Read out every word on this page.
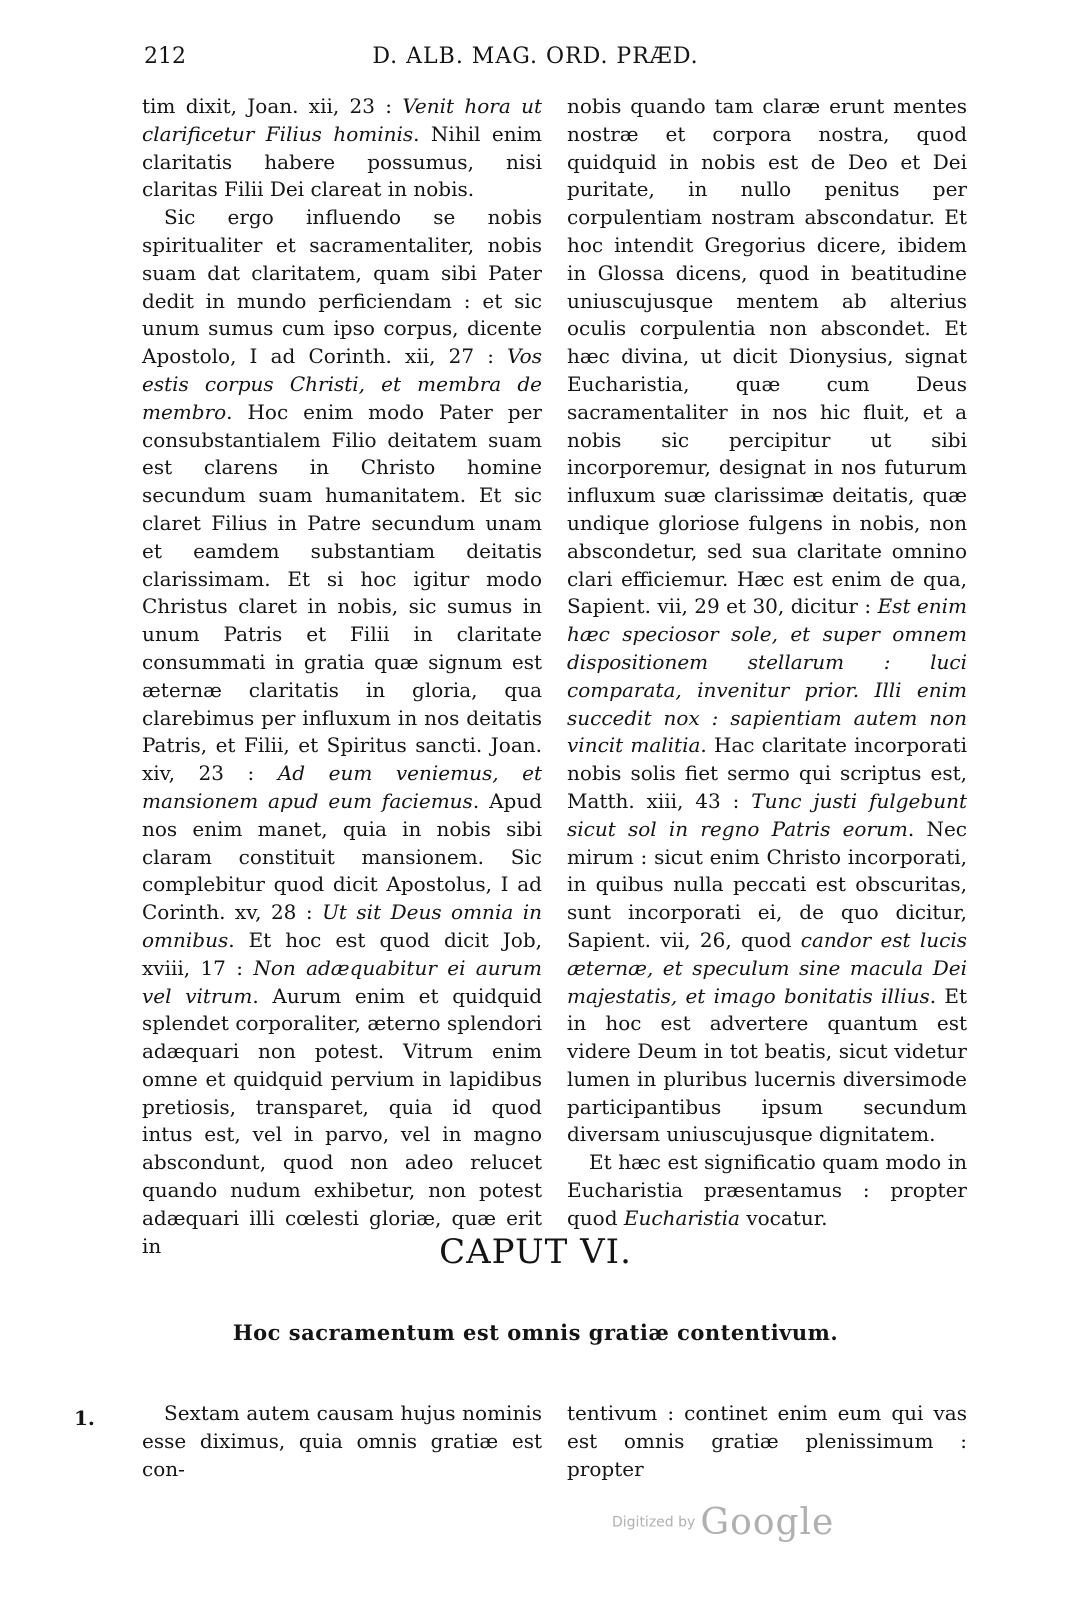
212	D. ALB. MAG. ORD. PRÆD.

tim dixit, Joan. xii, 23 : Venit hora ut clarificetur Filius hominis. Nihil enim claritatis habere possumus, nisi claritas Filii Dei clareat in nobis.

Sic ergo influendo se nobis spiritualiter et sacramentaliter, nobis suam dat claritatem, quam sibi Pater dedit in mundo perficiendam : et sic unum sumus cum ipso corpus, dicente Apostolo, I ad Corinth. xii, 27 : Vos estis corpus Christi, et membra de membro. Hoc enim modo Pater per consubstantialem Filio deitatem suam est clarens in Christo homine secundum suam humanitatem. Et sic claret Filius in Patre secundum unam et eamdem substantiam deitatis clarissimam. Et si hoc igitur modo Christus claret in nobis, sic sumus in unum Patris et Filii in claritate consummati in gratia quæ signum est æternæ claritatis in gloria, qua clarebimus per influxum in nos deitatis Patris, et Filii, et Spiritus sancti. Joan. xiv, 23 : Ad eum veniemus, et mansionem apud eum faciemus. Apud nos enim manet, quia in nobis sibi claram constituit mansionem. Sic complebitur quod dicit Apostolus, I ad Corinth. xv, 28 : Ut sit Deus omnia in omnibus. Et hoc est quod dicit Job, xviii, 17 : Non adæquabitur ei aurum vel vitrum. Aurum enim et quidquid splendet corporaliter, æterno splendori adæquari non potest. Vitrum enim omne et quidquid pervium in lapidibus pretiosis, transparet, quia id quod intus est, vel in parvo, vel in magno abscondunt, quod non adeo relucet quando nudum exhibetur, non potest adæquari illi cœlesti gloriæ, quæ erit in

nobis quando tam claræ erunt mentes nostræ et corpora nostra, quod quidquid in nobis est de Deo et Dei puritate, in nullo penitus per corpulentiam nostram abscondatur. Et hoc intendit Gregorius dicere, ibidem in Glossa dicens, quod in beatitudine uniuscujusque mentem ab alterius oculis corpulentia non abscondet. Et hæc divina, ut dicit Dionysius, signat Eucharistia, quæ cum Deus sacramentaliter in nos hic fluit, et a nobis sic percipitur ut sibi incorporemur, designat in nos futurum influxum suæ clarissimæ deitatis, quæ undique gloriose fulgens in nobis, non abscondetur, sed sua claritate omnino clari efficiemur. Hæc est enim de qua, Sapient. vii, 29 et 30, dicitur : Est enim hæc speciosor sole, et super omnem dispositionem stellarum : luci comparata, invenitur prior. Illi enim succedit nox : sapientiam autem non vincit malitia. Hac claritate incorporati nobis solis fiet sermo qui scriptus est, Matth. xiii, 43 : Tunc justi fulgebunt sicut sol in regno Patris eorum. Nec mirum : sicut enim Christo incorporati, in quibus nulla peccati est obscuritas, sunt incorporati ei, de quo dicitur, Sapient. vii, 26, quod candor est lucis æternæ, et speculum sine macula Dei majestatis, et imago bonitatis illius. Et in hoc est advertere quantum est videre Deum in tot beatis, sicut videtur lumen in pluribus lucernis diversimode participantibus ipsum secundum diversam uniuscujusque dignitatem.

Et hæc est significatio quam modo in Eucharistia præsentamus : propter quod Eucharistia vocatur.

CAPUT VI.
Hoc sacramentum est omnis gratiæ contentivum.
1.	Sextam autem causam hujus nominis esse diximus, quia omnis gratiæ est con-

tentivum : continet enim eum qui vas est omnis gratiæ plenissimum : propter

Digitized by Google
